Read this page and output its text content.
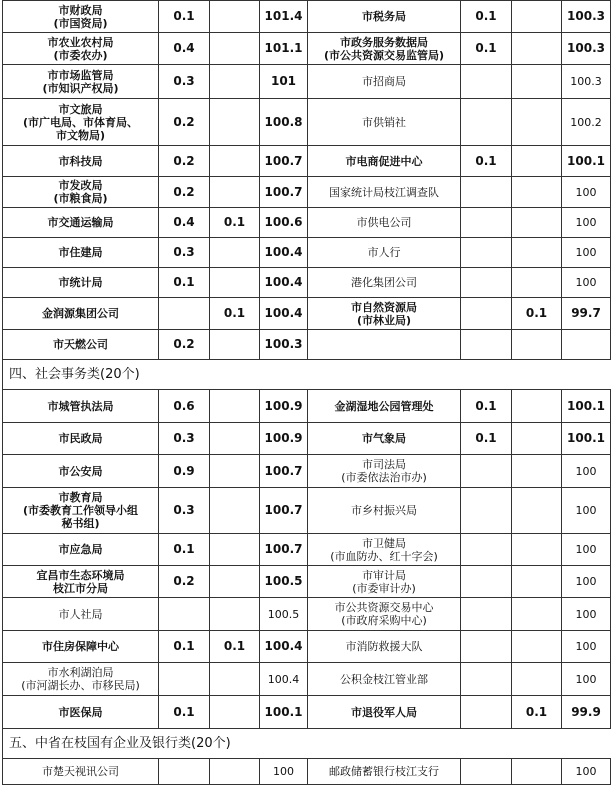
市财政局
(市国资局)	0.1		101.4	市税务局	0.1		100.3

市农业农村局
(市委农办)	0.4		101.1	市政务服务数据局
(市公共资源交易监管局)	0.1		100.3

市市场监管局
(市知识产权局)	0.3		101	市招商局			100.3

市文旅局
(市广电局、市体育局、
市文物局)	0.2		100.8	市供销社			100.2

市科技局	0.2		100.7	市电商促进中心	0.1		100.1

市发改局
(市粮食局)	0.2		100.7	国家统计局枝江调查队			100

市交通运输局	0.4	0.1	100.6	市供电公司			100

市住建局	0.3		100.4	市人行			100

市统计局	0.1		100.4	港化集团公司			100

金润源集团公司		0.1	100.4	市自然资源局
(市林业局)		0.1	99.7

市天燃公司	0.2		100.3	

四、社会事务类(20个)							

市城管执法局	0.6		100.9	金湖湿地公园管理处	0.1		100.1

市民政局	0.3		100.9	市气象局	0.1		100.1

市公安局	0.9		100.7	市司法局
(市委依法治市办)			100

市教育局
(市委教育工作领导小组
秘书组)	0.3		100.7	市乡村振兴局			100

市应急局	0.1		100.7	市卫健局
(市血防办、红十字会)			100

宜昌市生态环境局
枝江市分局	0.2		100.5	市审计局
(市委审计办)			100

市人社局			100.5	市公共资源交易中心
(市政府采购中心)			100

市住房保障中心	0.1	0.1	100.4	市消防救援大队			100

市水利湖泊局
(市河湖长办、市移民局)			100.4	公积金枝江管业部			100

市医保局	0.1		100.1	市退役军人局		0.1	99.9
五、中省在枝国有企业及银行类(20个)							

市楚天视讯公司			100	邮政储蓄银行枝江支行			100
